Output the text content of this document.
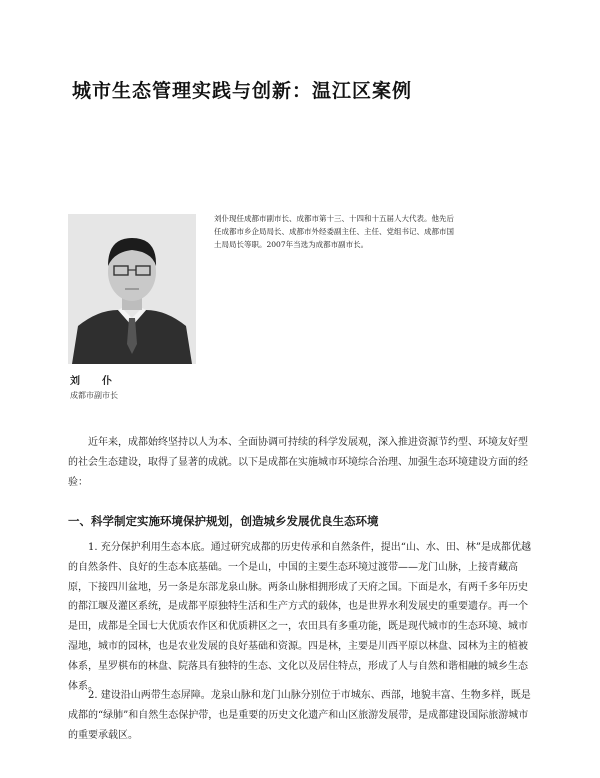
城市生态管理实践与创新：温江区案例
刘仆现任成都市副市长、成都市第十三、十四和十五届人大代表。他先后任成都市乡企局局长、成都市外经委副主任、主任、党组书记、成都市国土局局长等职。2007年当选为成都市副市长。
刘　仆
成都市副市长

近年来，成都始终坚持以人为本、全面协调可持续的科学发展观，深入推进资源节约型、环境友好型的社会生态建设，取得了显著的成就。以下是成都在实施城市环境综合治理、加强生态环境建设方面的经验：

一、科学制定实施环境保护规划，创造城乡发展优良生态环境

1. 充分保护利用生态本底。通过研究成都的历史传承和自然条件，提出“山、水、田、林”是成都优越的自然条件、良好的生态本底基础。一个是山，中国的主要生态环境过渡带——龙门山脉，上接青藏高原，下接四川盆地，另一条是东部龙泉山脉。两条山脉相拥形成了天府之国。下面是水，有两千多年历史的都江堰及灌区系统，是成都平原独特生活和生产方式的载体，也是世界水利发展史的重要遗存。再一个是田，成都是全国七大优质农作区和优质耕区之一，农田具有多重功能，既是现代城市的生态环境、城市湿地，城市的园林，也是农业发展的良好基础和资源。四是林，主要是川西平原以林盘、园林为主的植被体系，星罗棋布的林盘、院落具有独特的生态、文化以及居住特点，形成了人与自然和谐相融的城乡生态体系。

2. 建设沿山两带生态屏障。龙泉山脉和龙门山脉分别位于市城东、西部，地貌丰富、生物多样，既是成都的“绿肺”和自然生态保护带，也是重要的历史文化遗产和山区旅游发展带，是成都建设国际旅游城市的重要承载区。
